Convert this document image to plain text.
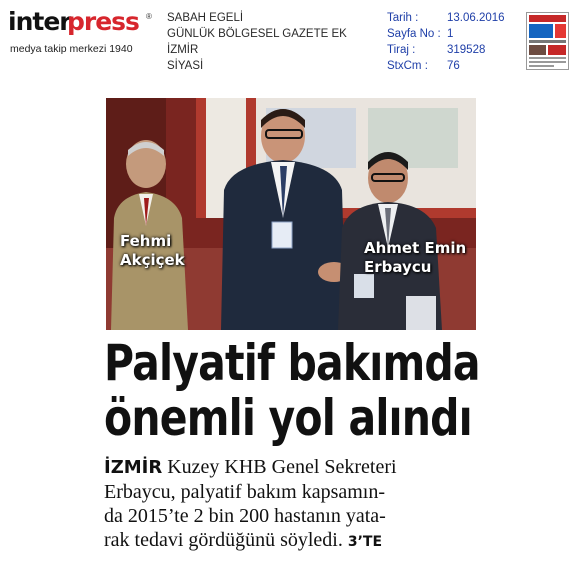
inter
press ®
medya takip merkezi 1940
SABAH EGELİ
GÜNLÜK BÖLGESEL GAZETE EK
İZMİR
SİYASİ
Tarih :
Sayfa No :
Tiraj :
StxCm :
13.06.2016
1
319528
76
Fehmi
Akçiçek
Ahmet Emin
Erbaycu
Palyatif bakımda
önemli yol alındı
İZMİR Kuzey KHB Genel Sekreteri
Erbaycu, palyatif bakım kapsamın-
da 2015’te 2 bin 200 hastanın yata-
rak tedavi gördüğünü söyledi. 3’TE
